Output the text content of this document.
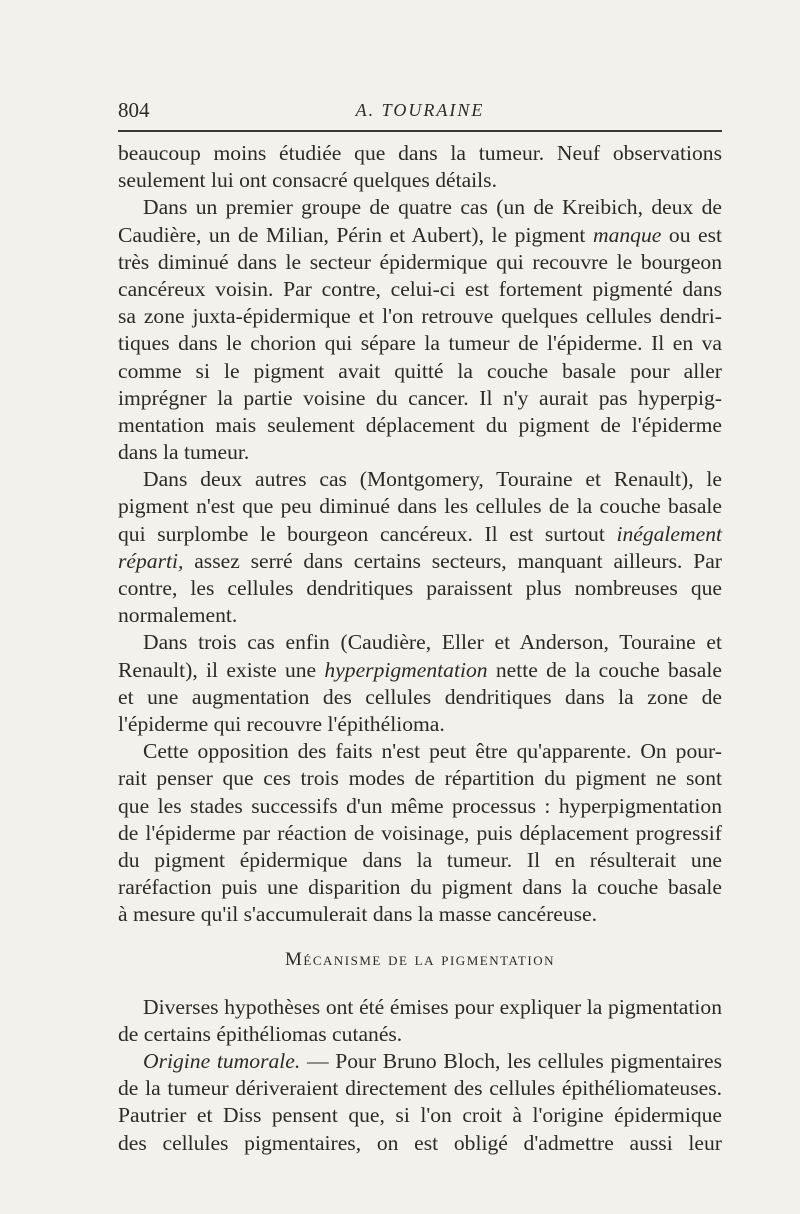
804	A. TOURAINE
beaucoup moins étudiée que dans la tumeur. Neuf observations
seulement lui ont consacré quelques détails.
Dans un premier groupe de quatre cas (un de Kreibich, deux de
Caudière, un de Milian, Périn et Aubert), le pigment manque ou est
très diminué dans le secteur épidermique qui recouvre le bourgeon
cancéreux voisin. Par contre, celui-ci est fortement pigmenté dans
sa zone juxta-épidermique et l'on retrouve quelques cellules dendri-
tiques dans le chorion qui sépare la tumeur de l'épiderme. Il en va
comme si le pigment avait quitté la couche basale pour aller
imprégner la partie voisine du cancer. Il n'y aurait pas hyperpig-
mentation mais seulement déplacement du pigment de l'épiderme
dans la tumeur.
Dans deux autres cas (Montgomery, Touraine et Renault), le
pigment n'est que peu diminué dans les cellules de la couche basale
qui surplombe le bourgeon cancéreux. Il est surtout inégalement
réparti, assez serré dans certains secteurs, manquant ailleurs. Par
contre, les cellules dendritiques paraissent plus nombreuses que
normalement.
Dans trois cas enfin (Caudière, Eller et Anderson, Touraine et
Renault), il existe une hyperpigmentation nette de la couche basale
et une augmentation des cellules dendritiques dans la zone de
l'épiderme qui recouvre l'épithélioma.
Cette opposition des faits n'est peut être qu'apparente. On pour-
rait penser que ces trois modes de répartition du pigment ne sont
que les stades successifs d'un même processus : hyperpigmentation
de l'épiderme par réaction de voisinage, puis déplacement progressif
du pigment épidermique dans la tumeur. Il en résulterait une
raréfaction puis une disparition du pigment dans la couche basale
à mesure qu'il s'accumulerait dans la masse cancéreuse.
Mécanisme de la pigmentation
Diverses hypothèses ont été émises pour expliquer la pigmentation
de certains épithéliomas cutanés.
Origine tumorale. — Pour Bruno Bloch, les cellules pigmentaires
de la tumeur dériveraient directement des cellules épithéliomateuses.
Pautrier et Diss pensent que, si l'on croit à l'origine épidermique
des cellules pigmentaires, on est obligé d'admettre aussi leur
